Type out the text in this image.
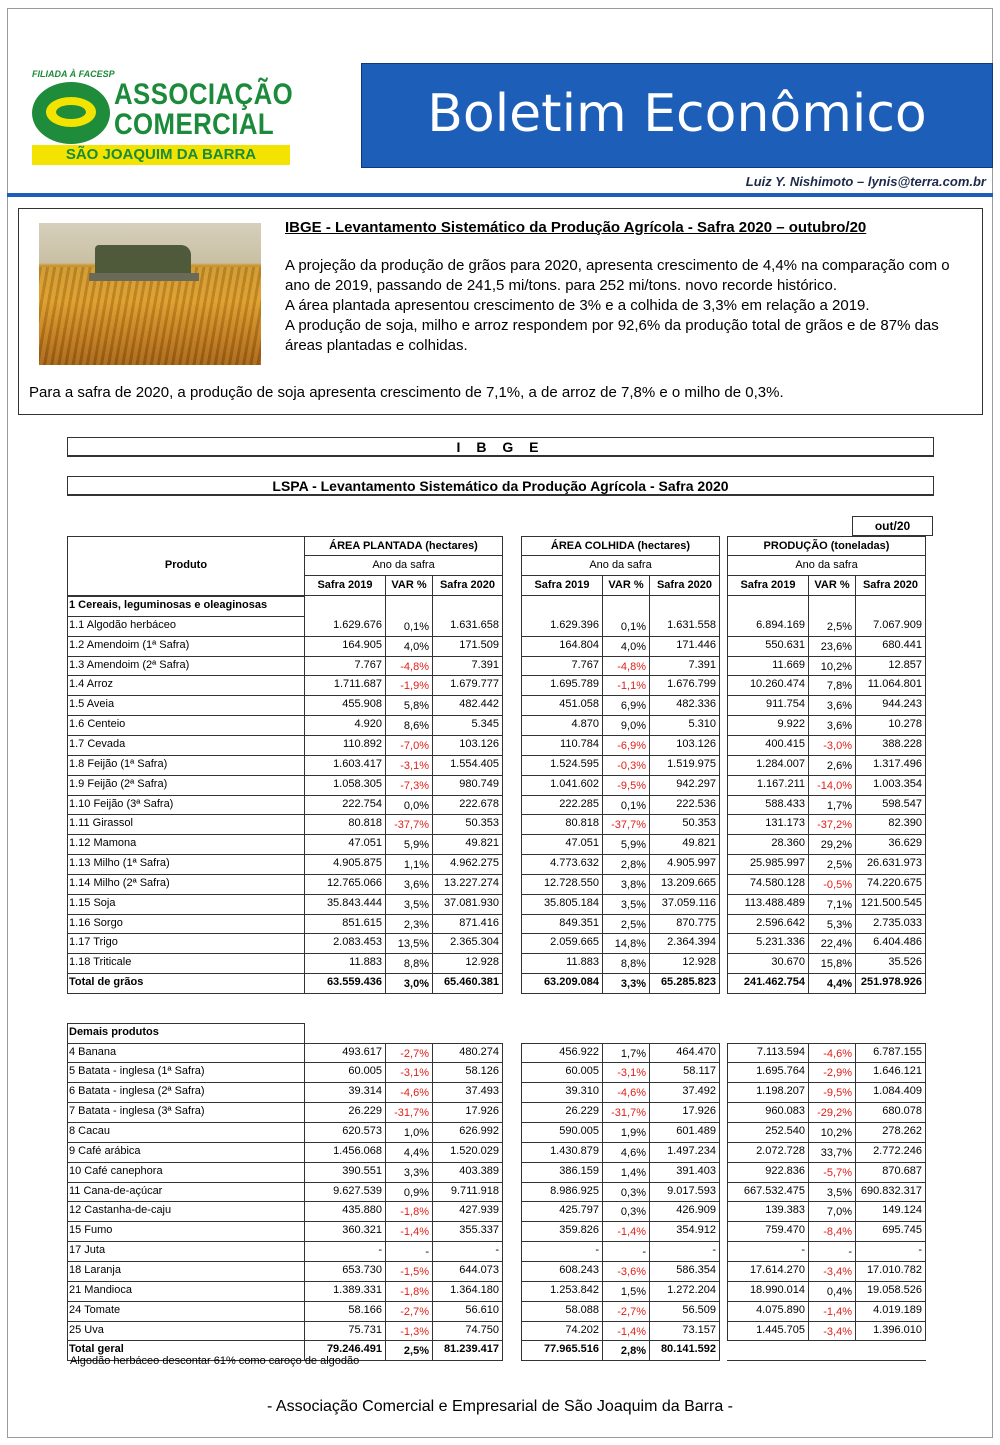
FILIADA À FACESP
ASSOCIAÇÃO
COMERCIAL
SÃO JOAQUIM DA BARRA
Boletim Econômico
Luiz Y. Nishimoto – lynis@terra.com.br
IBGE - Levantamento Sistemático da Produção Agrícola - Safra 2020 – outubro/20

A projeção da produção de grãos para 2020, apresenta crescimento de 4,4% na comparação com o ano de 2019, passando de 241,5 mi/tons. para 252 mi/tons. novo recorde histórico.

A área plantada apresentou crescimento de 3% e a colhida de 3,3% em relação a 2019.

A produção de soja, milho e arroz respondem por 92,6% da produção total de grãos e de 87% das áreas plantadas e colhidas.

Para a safra de 2020, a produção de soja apresenta crescimento de 7,1%, a de arroz de 7,8% e o milho de 0,3%.
I B G E
LSPA - Levantamento Sistemático da Produção Agrícola - Safra 2020
out/20
Produto
ÁREA PLANTADA (hectares)
Ano da safra
Safra 2019	VAR %	Safra 2020
ÁREA COLHIDA (hectares)
Ano da safra
Safra 2019	VAR %	Safra 2020
PRODUÇÃO (toneladas)
Ano da safra
Safra 2019	VAR %	Safra 2020
1 Cereais, leguminosas e oleaginosas
1.1 Algodão herbáceo	1.629.676	0,1%	1.631.658	1.629.396	0,1%	1.631.558	6.894.169	2,5%	7.067.909
1.2 Amendoim (1ª Safra)	164.905	4,0%	171.509	164.804	4,0%	171.446	550.631	23,6%	680.441
1.3 Amendoim (2ª Safra)	7.767	-4,8%	7.391	7.767	-4,8%	7.391	11.669	10,2%	12.857
1.4 Arroz	1.711.687	-1,9%	1.679.777	1.695.789	-1,1%	1.676.799	10.260.474	7,8%	11.064.801
1.5 Aveia	455.908	5,8%	482.442	451.058	6,9%	482.336	911.754	3,6%	944.243
1.6 Centeio	4.920	8,6%	5.345	4.870	9,0%	5.310	9.922	3,6%	10.278
1.7 Cevada	110.892	-7,0%	103.126	110.784	-6,9%	103.126	400.415	-3,0%	388.228
1.8 Feijão (1ª Safra)	1.603.417	-3,1%	1.554.405	1.524.595	-0,3%	1.519.975	1.284.007	2,6%	1.317.496
1.9 Feijão (2ª Safra)	1.058.305	-7,3%	980.749	1.041.602	-9,5%	942.297	1.167.211	-14,0%	1.003.354
1.10 Feijão (3ª Safra)	222.754	0,0%	222.678	222.285	0,1%	222.536	588.433	1,7%	598.547
1.11 Girassol	80.818	-37,7%	50.353	80.818	-37,7%	50.353	131.173	-37,2%	82.390
1.12 Mamona	47.051	5,9%	49.821	47.051	5,9%	49.821	28.360	29,2%	36.629
1.13 Milho (1ª Safra)	4.905.875	1,1%	4.962.275	4.773.632	2,8%	4.905.997	25.985.997	2,5%	26.631.973
1.14 Milho (2ª Safra)	12.765.066	3,6%	13.227.274	12.728.550	3,8%	13.209.665	74.580.128	-0,5%	74.220.675
1.15 Soja	35.843.444	3,5%	37.081.930	35.805.184	3,5%	37.059.116	113.488.489	7,1% 121.500.545
1.16 Sorgo	851.615	2,3%	871.416	849.351	2,5%	870.775	2.596.642	5,3%	2.735.033
1.17 Trigo	2.083.453	13,5%	2.365.304	2.059.665	14,8%	2.364.394	5.231.336	22,4%	6.404.486
1.18 Triticale	11.883	8,8%	12.928	11.883	8,8%	12.928	30.670	15,8%	35.526
Total de grãos	63.559.436	3,0%	65.460.381	63.209.084	3,3%	65.285.823	241.462.754	4,4% 251.978.926
Demais produtos
4 Banana	493.617	-2,7%	480.274	456.922	1,7%	464.470	7.113.594	-4,6%	6.787.155
5 Batata - inglesa (1ª Safra)	60.005	-3,1%	58.126	60.005	-3,1%	58.117	1.695.764	-2,9%	1.646.121
6 Batata - inglesa (2ª Safra)	39.314	-4,6%	37.493	39.310	-4,6%	37.492	1.198.207	-9,5%	1.084.409
7 Batata - inglesa (3ª Safra)	26.229	-31,7%	17.926	26.229	-31,7%	17.926	960.083	-29,2%	680.078
8 Cacau	620.573	1,0%	626.992	590.005	1,9%	601.489	252.540	10,2%	278.262
9 Café arábica	1.456.068	4,4%	1.520.029	1.430.879	4,6%	1.497.234	2.072.728	33,7%	2.772.246
10 Café canephora	390.551	3,3%	403.389	386.159	1,4%	391.403	922.836	-5,7%	870.687
11 Cana-de-açúcar	9.627.539	0,9%	9.711.918	8.986.925	0,3%	9.017.593	667.532.475	3,5% 690.832.317
12 Castanha-de-caju	435.880	-1,8%	427.939	425.797	0,3%	426.909	139.383	7,0%	149.124
15 Fumo	360.321	-1,4%	355.337	359.826	-1,4%	354.912	759.470	-8,4%	695.745
17 Juta	-	-	-	-	-	-	-	-	-
18 Laranja	653.730	-1,5%	644.073	608.243	-3,6%	586.354	17.614.270	-3,4%	17.010.782
21 Mandioca	1.389.331	-1,8%	1.364.180	1.253.842	1,5%	1.272.204	18.990.014	0,4%	19.058.526
24 Tomate	58.166	-2,7%	56.610	58.088	-2,7%	56.509	4.075.890	-1,4%	4.019.189
25 Uva	75.731	-1,3%	74.750	74.202	-1,4%	73.157	1.445.705	-3,4%	1.396.010
Total geral	79.246.491	2,5%	81.239.417	77.965.516	2,8%	80.141.592
Algodão herbáceo descontar 61% como caroço de algodão
- Associação Comercial e Empresarial de São Joaquim da Barra -
